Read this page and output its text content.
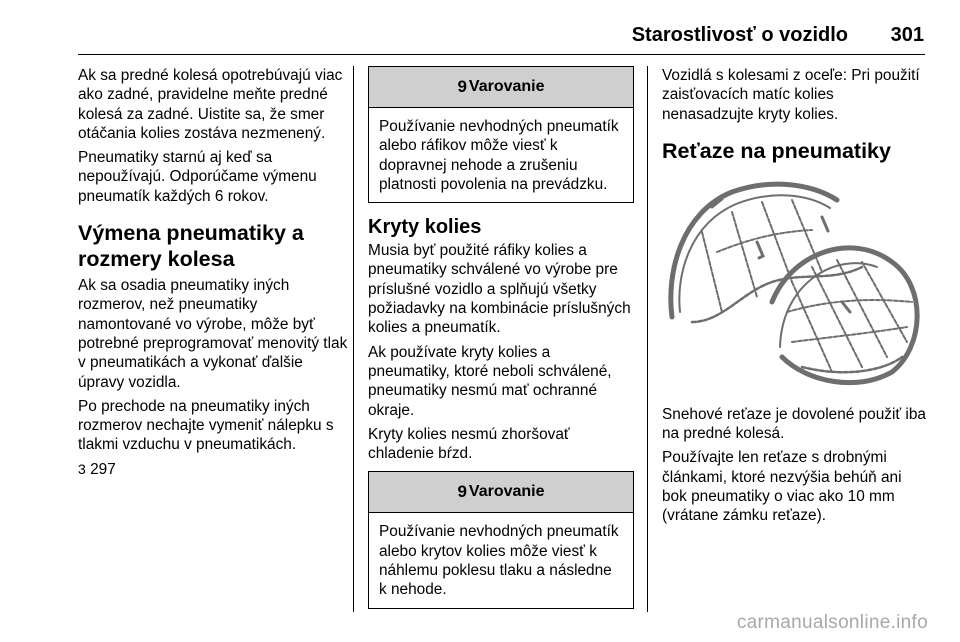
Starostlivosť o vozidlo	301

Ak sa predné kolesá opotrebúvajú viac ako zadné, pravidelne meňte predné kolesá za zadné. Uistite sa, že smer otáčania kolies zostáva nezmenený.

Pneumatiky starnú aj keď sa nepoužívajú. Odporúčame výmenu pneumatík každých 6 rokov.

Výmena pneumatiky a rozmery kolesa

Ak sa osadia pneumatiky iných rozmerov, než pneumatiky namontované vo výrobe, môže byť potrebné preprogramovať menovitý tlak v pneumatikách a vykonať ďalšie úpravy vozidla.

Po prechode na pneumatiky iných rozmerov nechajte vymeniť nálepku s tlakmi vzduchu v pneumatikách.

3 297

9 Varovanie

Používanie nevhodných pneumatík alebo ráfikov môže viesť k dopravnej nehode a zrušeniu platnosti povolenia na prevádzku.

Kryty kolies

Musia byť použité ráfiky kolies a pneumatiky schválené vo výrobe pre príslušné vozidlo a splňujú všetky požiadavky na kombinácie príslušných kolies a pneumatík.

Ak používate kryty kolies a pneumatiky, ktoré neboli schválené, pneumatiky nesmú mať ochranné okraje.

Kryty kolies nesmú zhoršovať chladenie bŕzd.

9 Varovanie

Používanie nevhodných pneumatík alebo krytov kolies môže viesť k náhlemu poklesu tlaku a následne k nehode.

Vozidlá s kolesami z oceľe: Pri použití zaisťovacích matíc kolies nenasadzujte kryty kolies.

Reťaze na pneumatiky

Snehové reťaze je dovolené použiť iba na predné kolesá.

Používajte len reťaze s drobnými článkami, ktoré nezvýšia behúň ani bok pneumatiky o viac ako 10 mm (vrátane zámku reťaze).

carmanualsonline.info
